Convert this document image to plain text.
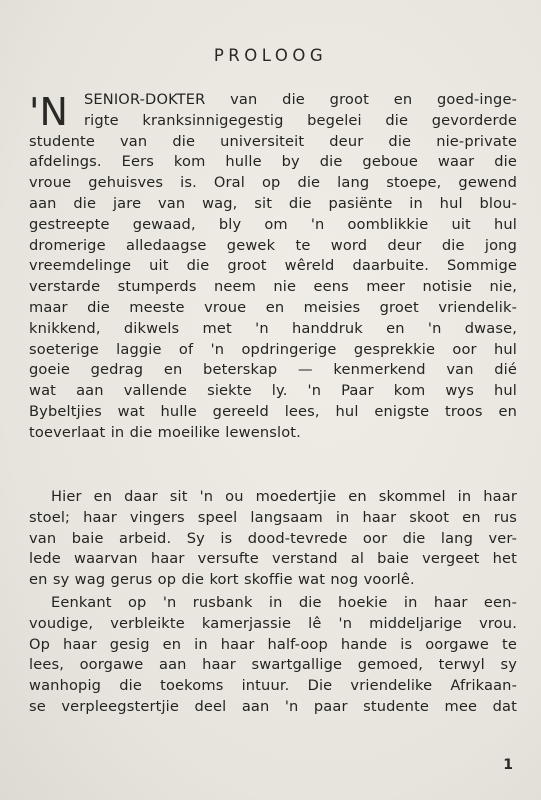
PROLOOG
'N SENIOR-DOKTER van die groot en goed-inge-
rigte kranksinnigegestig begelei die gevorderde
studente van die universiteit deur die nie-private
afdelings. Eers kom hulle by die geboue waar die
vroue gehuisves is. Oral op die lang stoepe, gewend
aan die jare van wag, sit die pasiënte in hul blou-
gestreepte gewaad, bly om 'n oomblikkie uit hul
dromerige alledaagse gewek te word deur die jong
vreemdelinge uit die groot wêreld daarbuite. Sommige
verstarde stumperds neem nie eens meer notisie nie,
maar die meeste vroue en meisies groet vriendelik-
knikkend, dikwels met 'n handdruk en 'n dwase,
soeterige laggie of 'n opdringerige gesprekkie oor hul
goeie gedrag en beterskap — kenmerkend van dié
wat aan vallende siekte ly. 'n Paar kom wys hul
Bybeltjies wat hulle gereeld lees, hul enigste troos en
toeverlaat in die moeilike lewenslot.
Hier en daar sit 'n ou moedertjie en skommel in haar
stoel; haar vingers speel langsaam in haar skoot en rus
van baie arbeid. Sy is dood-tevrede oor die lang ver-
lede waarvan haar versufte verstand al baie vergeet het
en sy wag gerus op die kort skoffie wat nog voorlê.
Eenkant op 'n rusbank in die hoekie in haar een-
voudige, verbleikte kamerjassie lê 'n middeljarige vrou.
Op haar gesig en in haar half-oop hande is oorgawe te
lees, oorgawe aan haar swartgallige gemoed, terwyl sy
wanhopig die toekoms intuur. Die vriendelike Afrikaan-
se verpleegstertjie deel aan 'n paar studente mee dat
1
